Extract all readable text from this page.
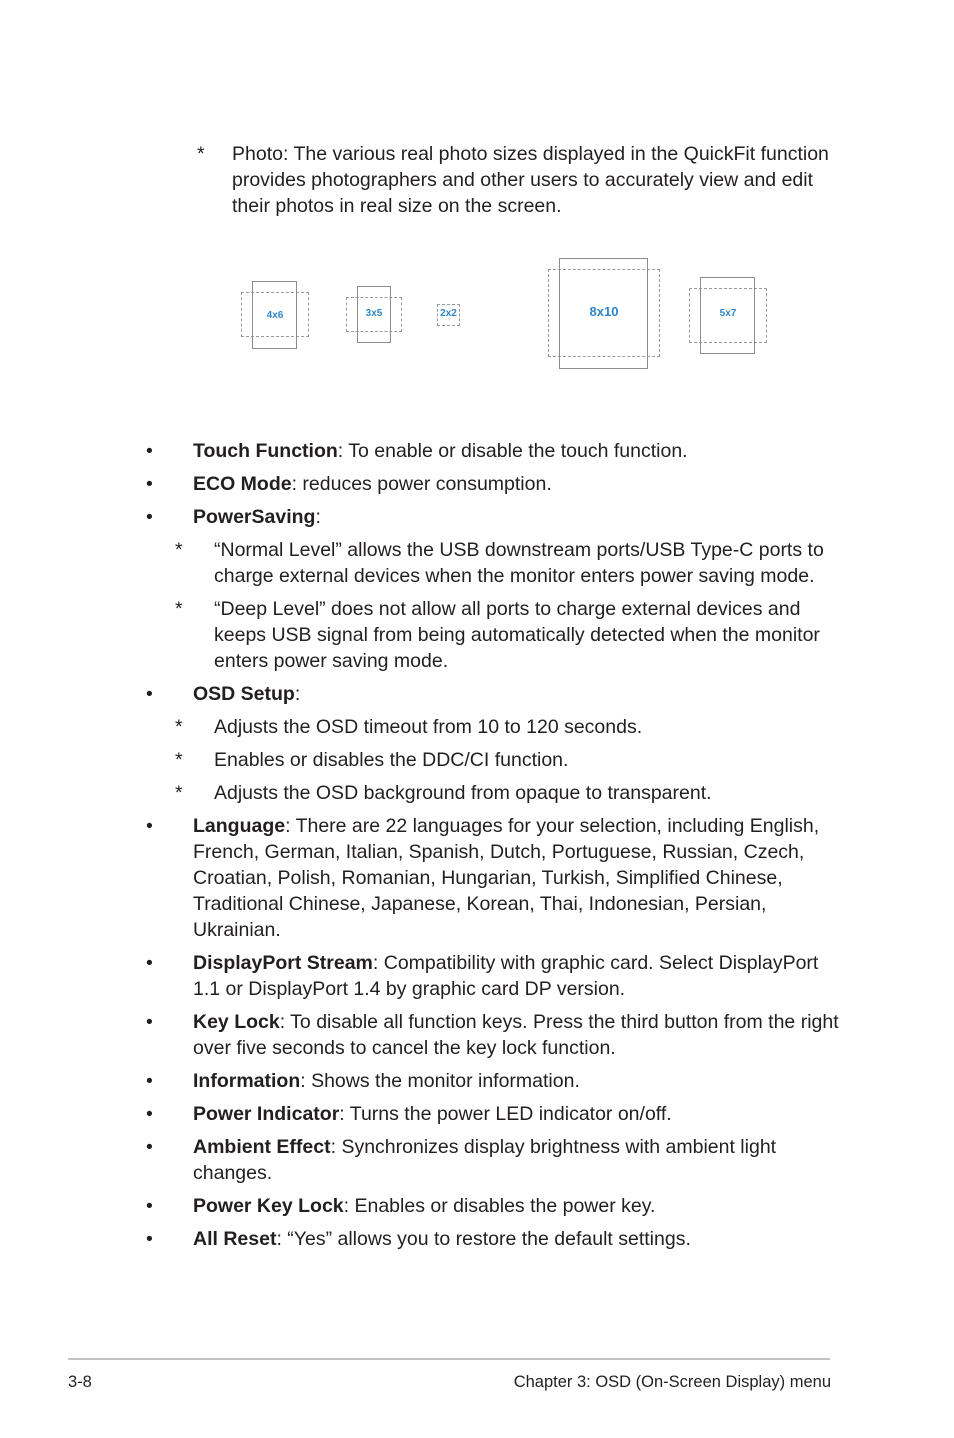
* Photo: The various real photo sizes displayed in the QuickFit function provides photographers and other users to accurately view and edit their photos in real size on the screen.
4x6	3x5	2x2	8x10	5x7
• Touch Function: To enable or disable the touch function.
• ECO Mode: reduces power consumption.
• PowerSaving:
* “Normal Level” allows the USB downstream ports/USB Type-C ports to charge external devices when the monitor enters power saving mode.
* “Deep Level” does not allow all ports to charge external devices and keeps USB signal from being automatically detected when the monitor enters power saving mode.
• OSD Setup:
* Adjusts the OSD timeout from 10 to 120 seconds.
* Enables or disables the DDC/CI function.
* Adjusts the OSD background from opaque to transparent.
• Language: There are 22 languages for your selection, including English, French, German, Italian, Spanish, Dutch, Portuguese, Russian, Czech, Croatian, Polish, Romanian, Hungarian, Turkish, Simplified Chinese, Traditional Chinese, Japanese, Korean, Thai, Indonesian, Persian, Ukrainian.
• DisplayPort Stream: Compatibility with graphic card. Select DisplayPort 1.1 or DisplayPort 1.4 by graphic card DP version.
• Key Lock: To disable all function keys. Press the third button from the right over five seconds to cancel the key lock function.
• Information: Shows the monitor information.
• Power Indicator: Turns the power LED indicator on/off.
• Ambient Effect: Synchronizes display brightness with ambient light changes.
• Power Key Lock: Enables or disables the power key.
• All Reset: “Yes” allows you to restore the default settings.
3-8	Chapter 3: OSD (On-Screen Display) menu
